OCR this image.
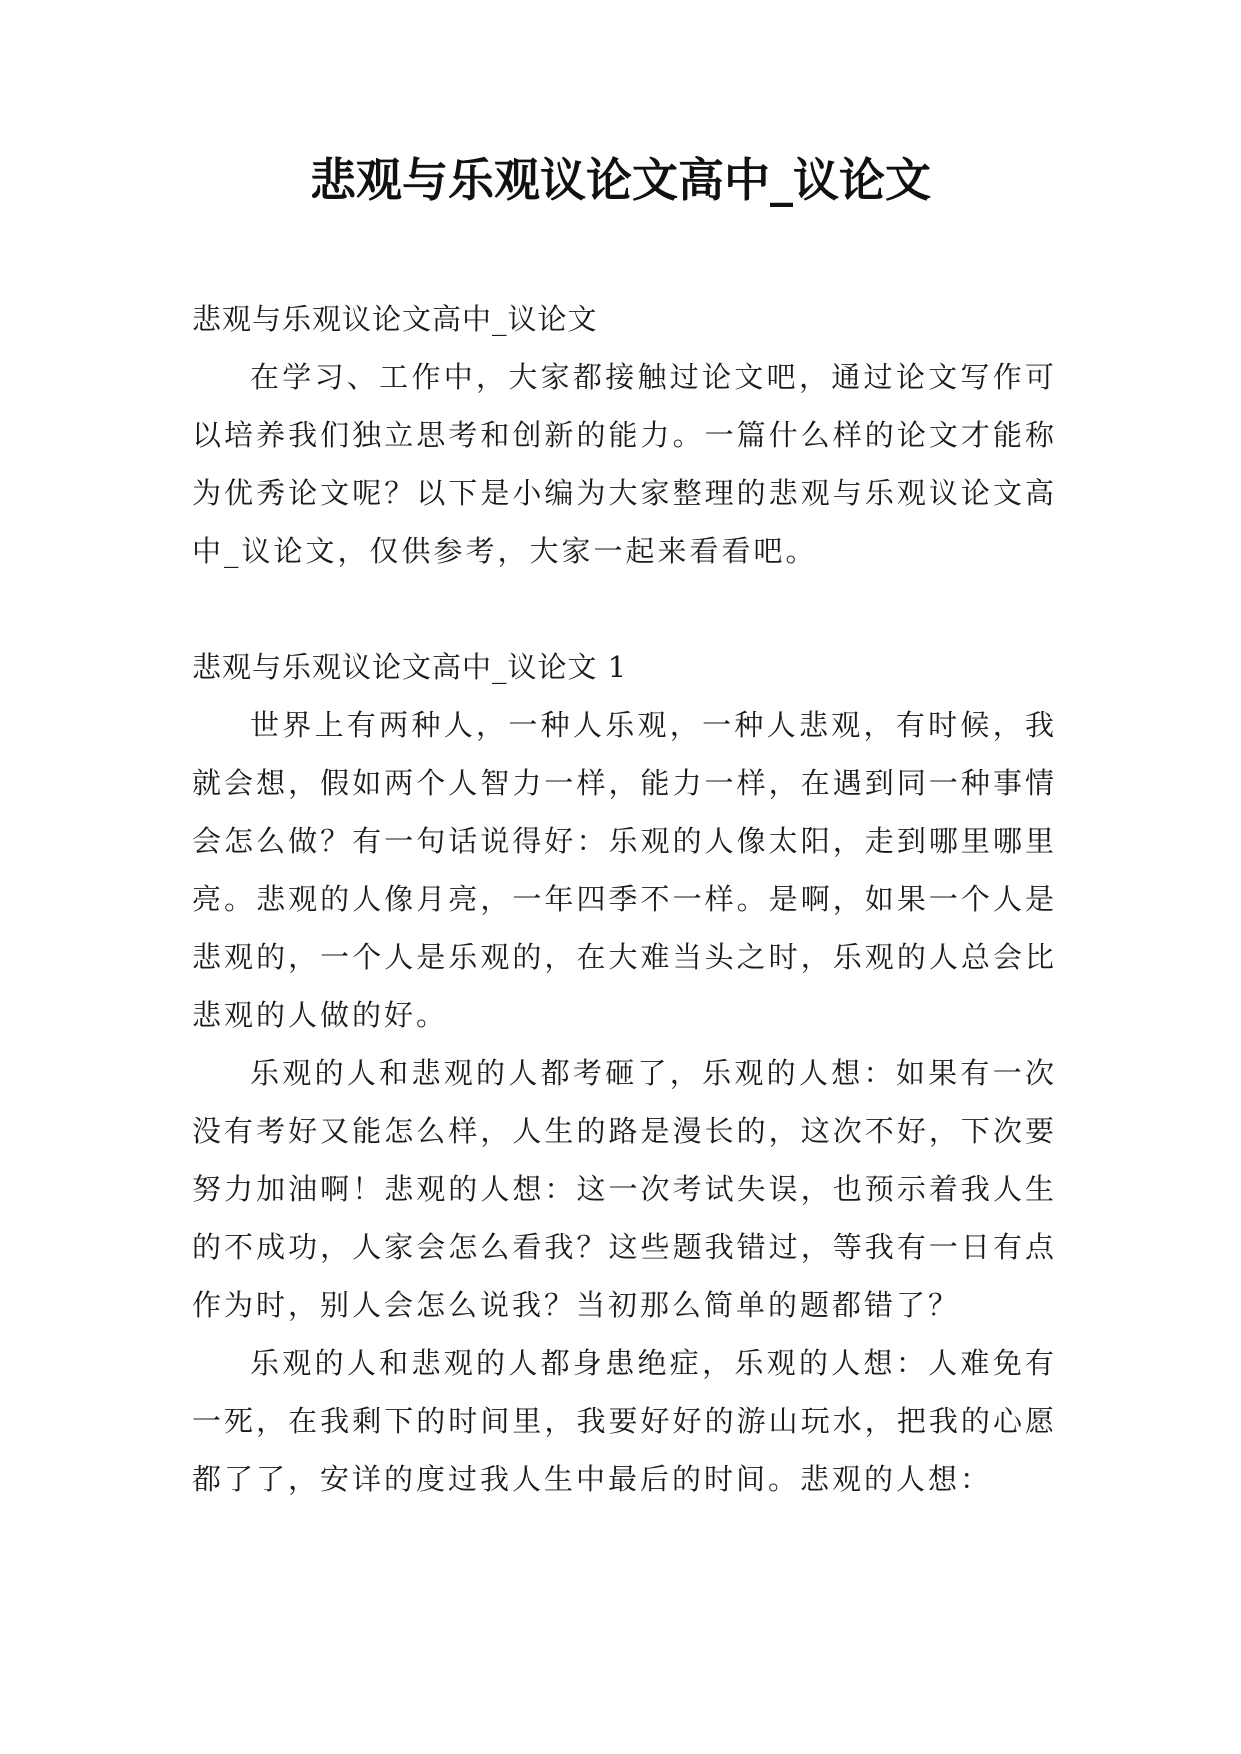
悲观与乐观议论文高中_议论文

悲观与乐观议论文高中_议论文

在学习、工作中，大家都接触过论文吧，通过论文写作可以培养我们独立思考和创新的能力。一篇什么样的论文才能称为优秀论文呢？以下是小编为大家整理的悲观与乐观议论文高中_议论文，仅供参考，大家一起来看看吧。

悲观与乐观议论文高中_议论文 1

世界上有两种人，一种人乐观，一种人悲观，有时候，我就会想，假如两个人智力一样，能力一样，在遇到同一种事情会怎么做？有一句话说得好：乐观的人像太阳，走到哪里哪里亮。悲观的人像月亮，一年四季不一样。是啊，如果一个人是悲观的，一个人是乐观的，在大难当头之时，乐观的人总会比悲观的人做的好。

乐观的人和悲观的人都考砸了，乐观的人想：如果有一次没有考好又能怎么样，人生的路是漫长的，这次不好，下次要努力加油啊！悲观的人想：这一次考试失误，也预示着我人生的不成功，人家会怎么看我？这些题我错过，等我有一日有点作为时，别人会怎么说我？当初那么简单的题都错了？

乐观的人和悲观的人都身患绝症，乐观的人想：人难免有一死，在我剩下的时间里，我要好好的游山玩水，把我的心愿都了了，安详的度过我人生中最后的时间。悲观的人想：
